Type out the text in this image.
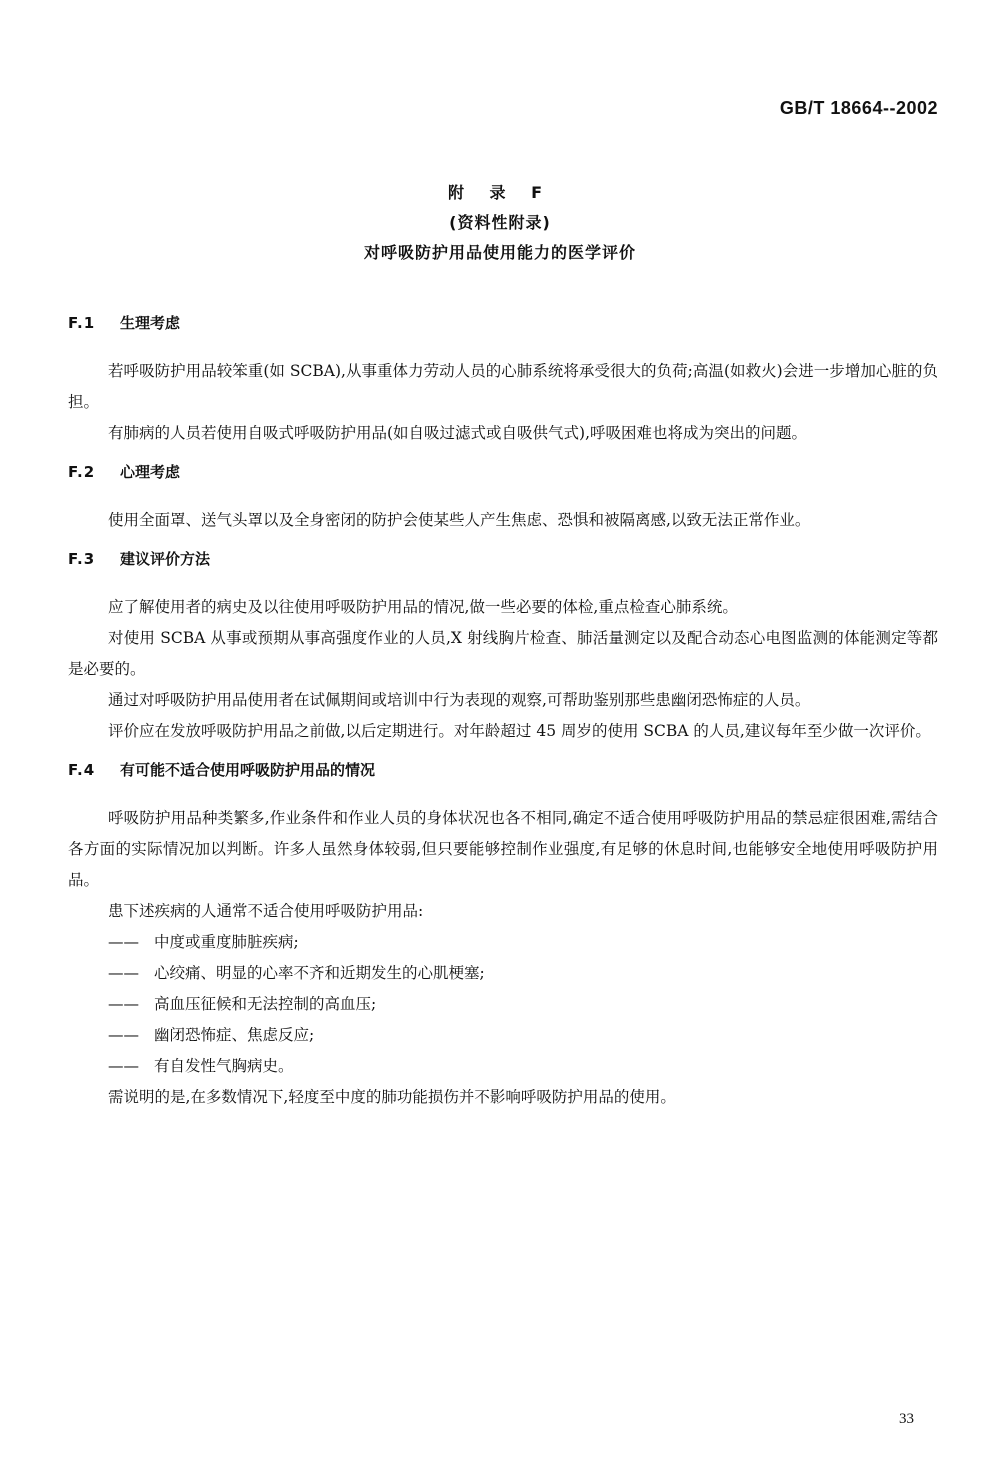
GB/T 18664--2002
附 录 F
(资料性附录)
对呼吸防护用品使用能力的医学评价
F.1 生理考虑

若呼吸防护用品较笨重(如 SCBA),从事重体力劳动人员的心肺系统将承受很大的负荷;高温(如救火)会进一步增加心脏的负担。

有肺病的人员若使用自吸式呼吸防护用品(如自吸过滤式或自吸供气式),呼吸困难也将成为突出的问题。

F.2 心理考虑

使用全面罩、送气头罩以及全身密闭的防护会使某些人产生焦虑、恐惧和被隔离感,以致无法正常作业。

F.3 建议评价方法

应了解使用者的病史及以往使用呼吸防护用品的情况,做一些必要的体检,重点检查心肺系统。

对使用 SCBA 从事或预期从事高强度作业的人员,X 射线胸片检查、肺活量测定以及配合动态心电图监测的体能测定等都是必要的。

通过对呼吸防护用品使用者在试佩期间或培训中行为表现的观察,可帮助鉴别那些患幽闭恐怖症的人员。

评价应在发放呼吸防护用品之前做,以后定期进行。对年龄超过 45 周岁的使用 SCBA 的人员,建议每年至少做一次评价。

F.4 有可能不适合使用呼吸防护用品的情况

呼吸防护用品种类繁多,作业条件和作业人员的身体状况也各不相同,确定不适合使用呼吸防护用品的禁忌症很困难,需结合各方面的实际情况加以判断。许多人虽然身体较弱,但只要能够控制作业强度,有足够的休息时间,也能够安全地使用呼吸防护用品。

患下述疾病的人通常不适合使用呼吸防护用品:

—— 中度或重度肺脏疾病;
—— 心绞痛、明显的心率不齐和近期发生的心肌梗塞;
—— 高血压征候和无法控制的高血压;
—— 幽闭恐怖症、焦虑反应;
—— 有自发性气胸病史。

需说明的是,在多数情况下,轻度至中度的肺功能损伤并不影响呼吸防护用品的使用。

33
